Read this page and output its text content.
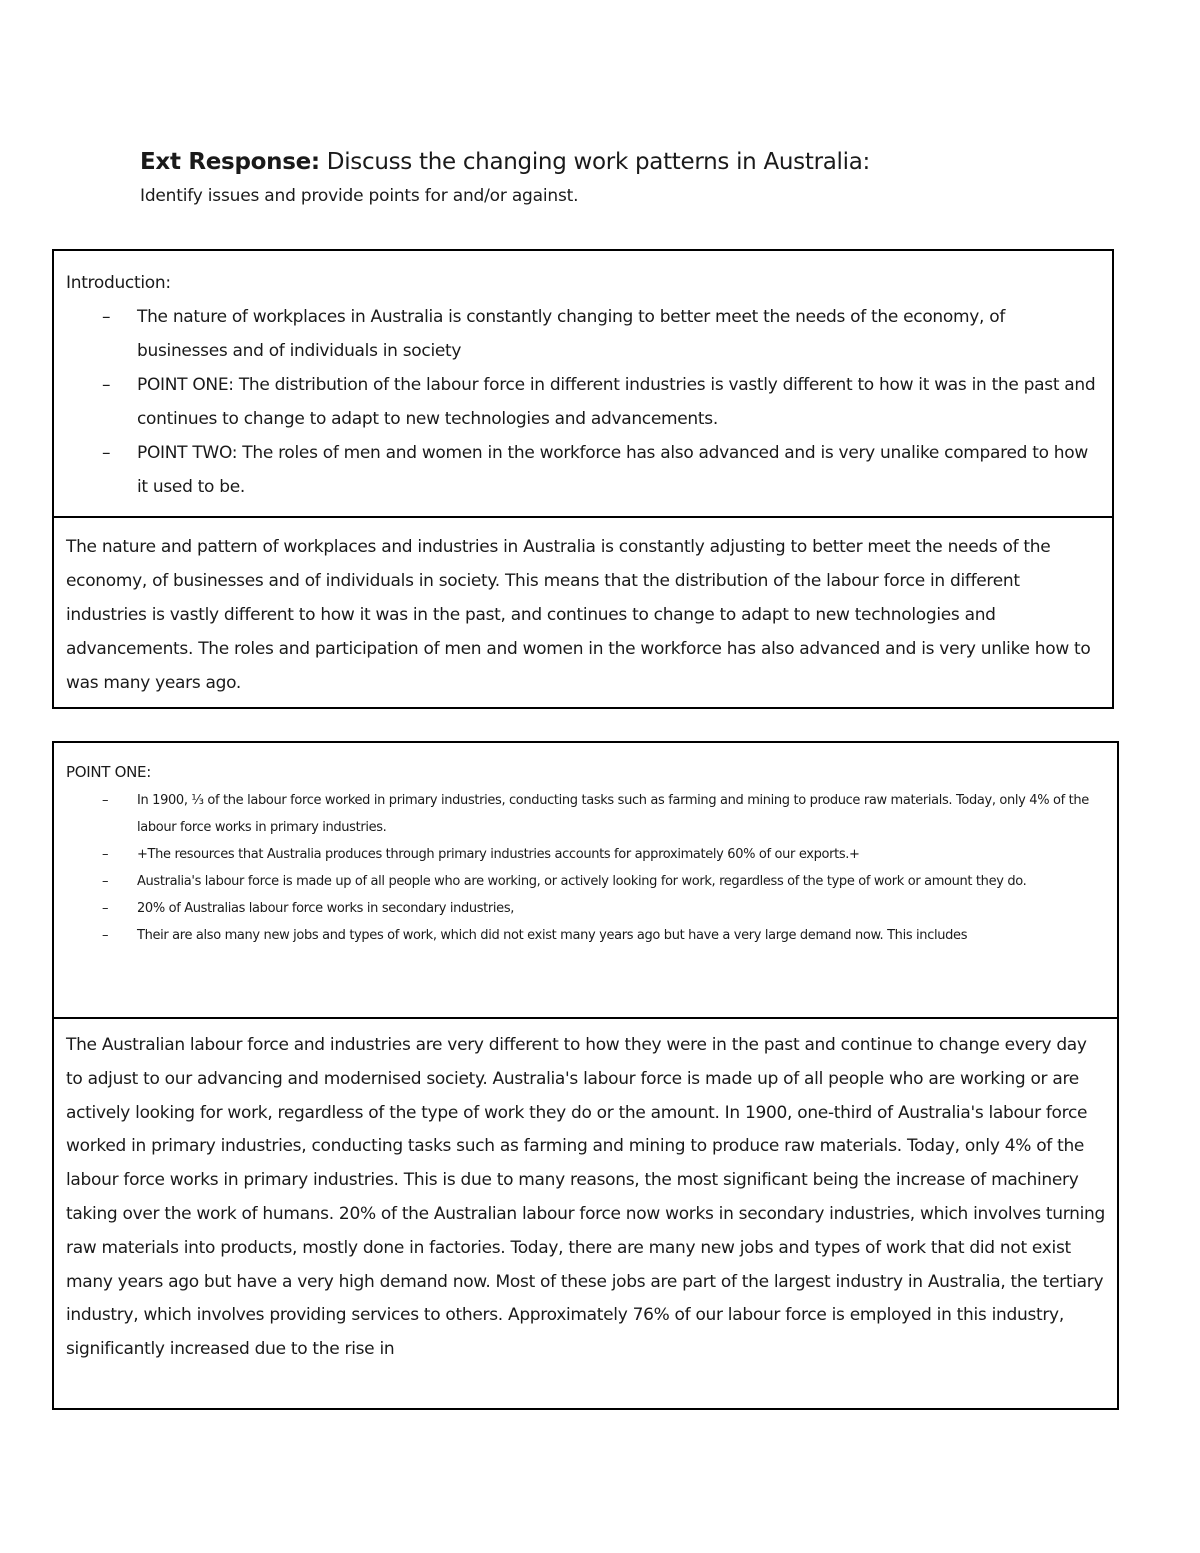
Ext Response: Discuss the changing work patterns in Australia:
Identify issues and provide points for and/or against.
Introduction:
– The nature of workplaces in Australia is constantly changing to better meet the needs of the economy, of businesses and of individuals in society
– POINT ONE: The distribution of the labour force in different industries is vastly different to how it was in the past and continues to change to adapt to new technologies and advancements.
– POINT TWO: The roles of men and women in the workforce has also advanced and is very unalike compared to how it used to be.

The nature and pattern of workplaces and industries in Australia is constantly adjusting to better meet the needs of the economy, of businesses and of individuals in society. This means that the distribution of the labour force in different industries is vastly different to how it was in the past, and continues to change to adapt to new technologies and advancements. The roles and participation of men and women in the workforce has also advanced and is very unlike how to was many years ago.

POINT ONE:
– In 1900, ⅓ of the labour force worked in primary industries, conducting tasks such as farming and mining to produce raw materials. Today, only 4% of the labour force works in primary industries.
– +The resources that Australia produces through primary industries accounts for approximately 60% of our exports.+
– Australia's labour force is made up of all people who are working, or actively looking for work, regardless of the type of work or amount they do.
– 20% of Australias labour force works in secondary industries,
– Their are also many new jobs and types of work, which did not exist many years ago but have a very large demand now. This includes

The Australian labour force and industries are very different to how they were in the past and continue to change every day to adjust to our advancing and modernised society. Australia's labour force is made up of all people who are working or are actively looking for work, regardless of the type of work they do or the amount. In 1900, one-third of Australia's labour force worked in primary industries, conducting tasks such as farming and mining to produce raw materials. Today, only 4% of the labour force works in primary industries. This is due to many reasons, the most significant being the increase of machinery taking over the work of humans. 20% of the Australian labour force now works in secondary industries, which involves turning raw materials into products, mostly done in factories. Today, there are many new jobs and types of work that did not exist many years ago but have a very high demand now. Most of these jobs are part of the largest industry in Australia, the tertiary industry, which involves providing services to others. Approximately 76% of our labour force is employed in this industry, significantly increased due to the rise in
